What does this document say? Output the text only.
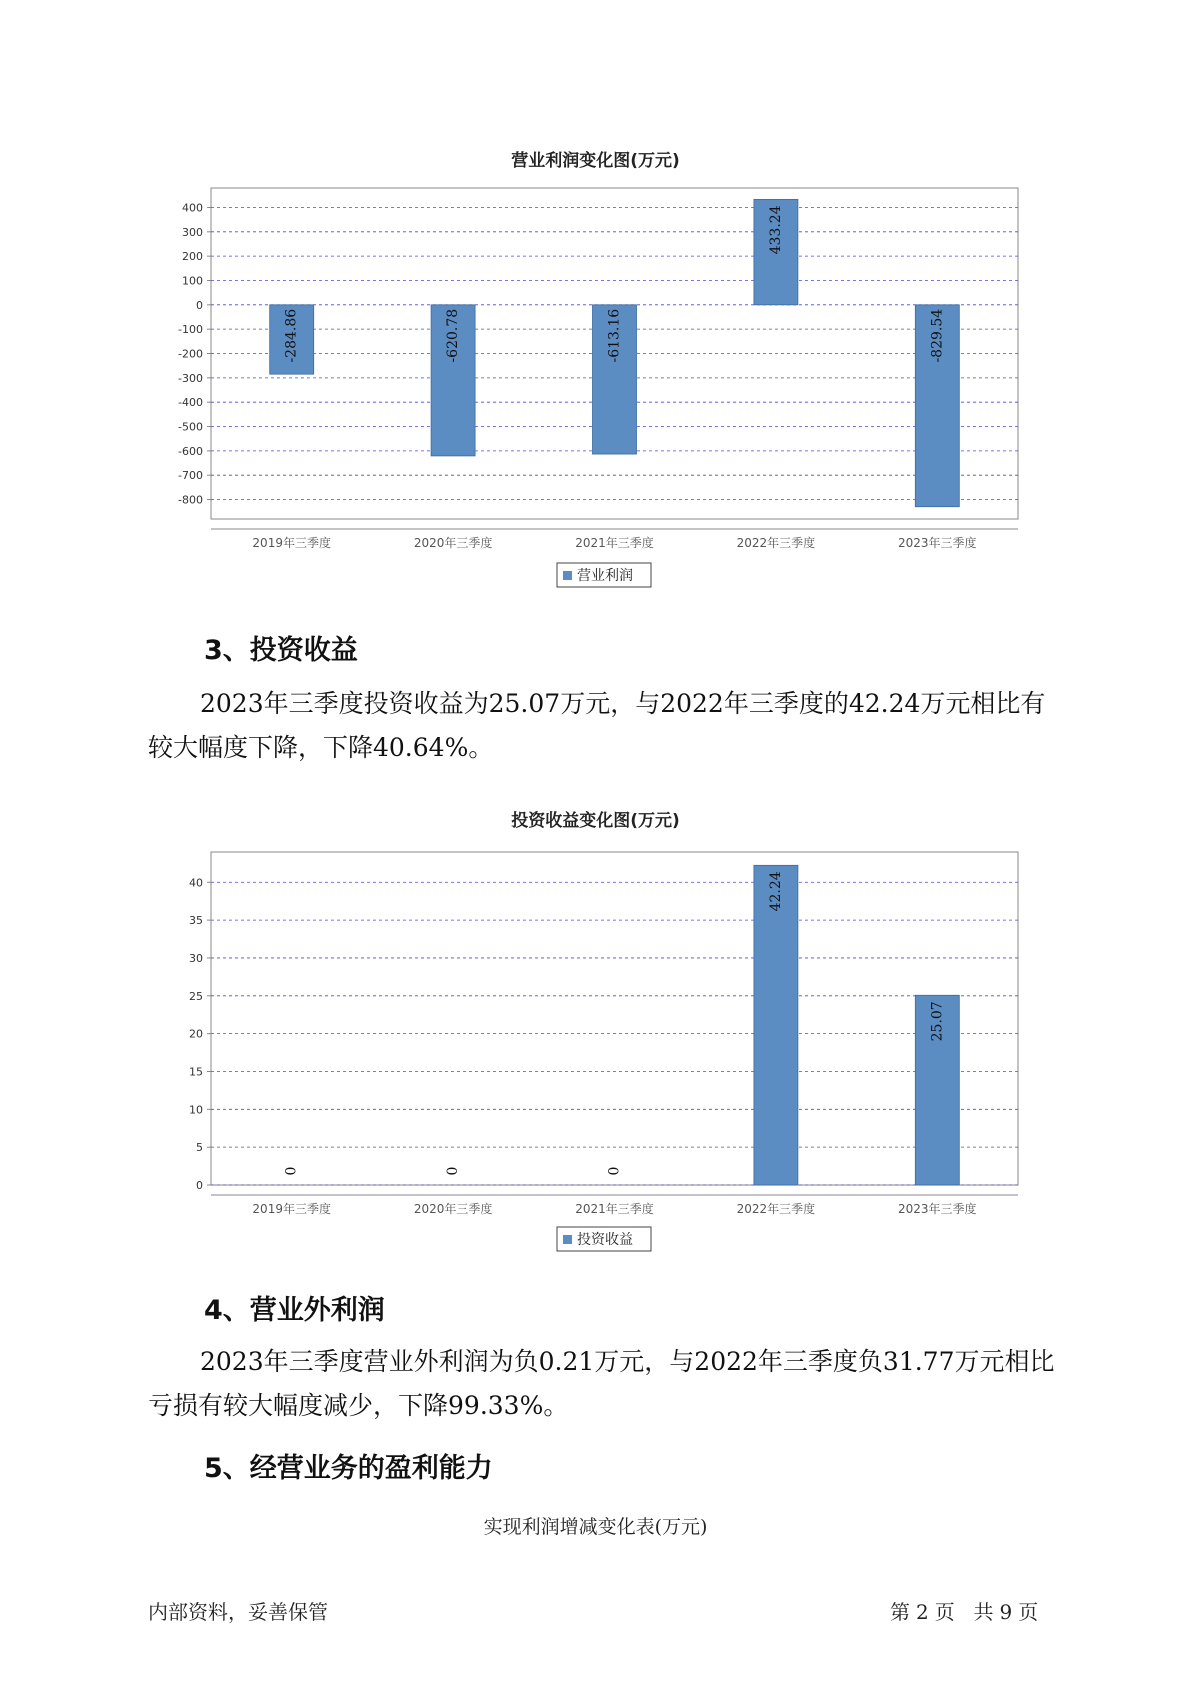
营业利润变化图(万元)
400
300
200
100
0
-100
-200
-300
-400
-500
-600
-700
-800
-284.86
2019年三季度
-620.78
2020年三季度
-613.16
2021年三季度
433.24
2022年三季度
-829.54
2023年三季度
营业利润
3、投资收益

2023年三季度投资收益为25.07万元，与2022年三季度的42.24万元相比有较大幅度下降，下降40.64%。

投资收益变化图(万元)
40
35
30
25
20
15
10
5
0
0
2019年三季度
0
2020年三季度
0
2021年三季度
42.24
2022年三季度
25.07
2023年三季度
投资收益
4、营业外利润

2023年三季度营业外利润为负0.21万元，与2022年三季度负31.77万元相比亏损有较大幅度减少，下降99.33%。

5、经营业务的盈利能力
实现利润增减变化表(万元)
内部资料，妥善保管	第 2 页 共 9 页
